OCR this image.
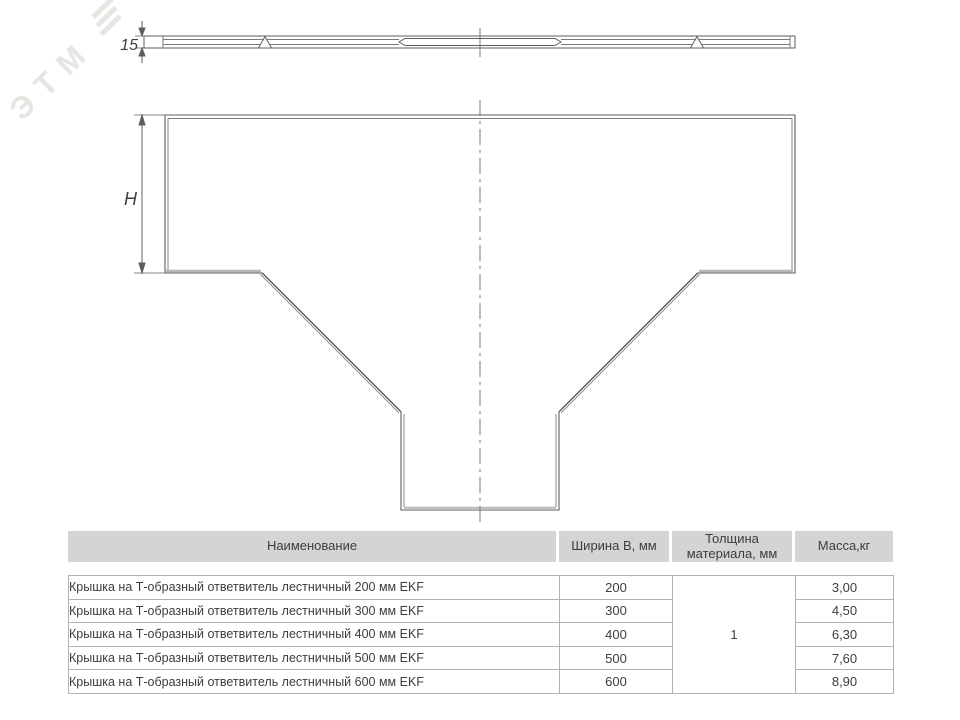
ЭТМ 15
H
Наименование	Ширина B, мм	Толщина материала, мм	Масса,кг
Крышка на Т-образный ответвитель лестничный 200 мм EKF	200	1	3,00
Крышка на Т-образный ответвитель лестничный 300 мм EKF	300		4,50
Крышка на Т-образный ответвитель лестничный 400 мм EKF	400		6,30
Крышка на Т-образный ответвитель лестничный 500 мм EKF	500		7,60
Крышка на Т-образный ответвитель лестничный 600 мм EKF	600		8,90
